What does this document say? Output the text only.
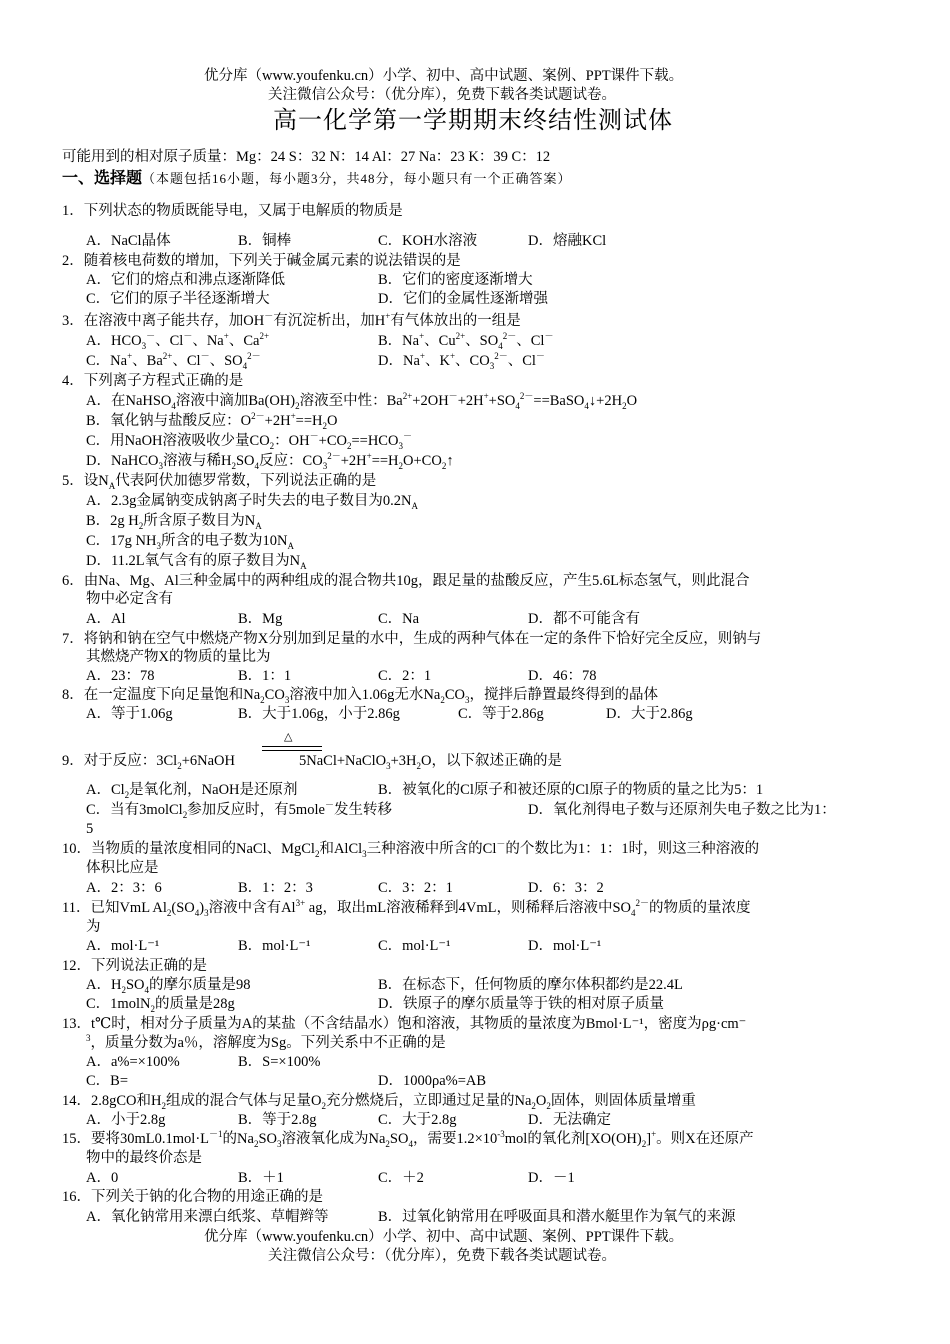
优分库（www.youfenku.cn）小学、初中、高中试题、案例、PPT课件下载。
关注微信公众号：（优分库），免费下载各类试题试卷。
高一化学第一学期期末终结性测试体
可能用到的相对原子质量：Mg：24 S：32 N：14 Al：27 Na：23 K：39 C：12
一、选择题（本题包括16小题，每小题3分，共48分，每小题只有一个正确答案）
1．下列状态的物质既能导电，又属于电解质的物质是
A．NaCl晶体	B．铜棒	C．KOH水溶液	D．熔融KCl
2．随着核电荷数的增加，下列关于碱金属元素的说法错误的是
A．它们的熔点和沸点逐渐降低	B．它们的密度逐渐增大
C．它们的原子半径逐渐增大	D．它们的金属性逐渐增强
3．在溶液中离子能共存，加OH－有沉淀析出，加H+有气体放出的一组是
A．$HCO_3^-$、Cl－、Na+、$Ca^{2+}$	B．Na+、$Cu^{2+}$、$SO_4^{2-}$、Cl－
C．Na+、$Ba^{2+}$、Cl－、$SO_4^{2-}$	D．Na+、K+、$CO_3^{2-}$、Cl－
4．下列离子方程式正确的是
A．在NaHSO$_4$溶液中滴加$Ba(OH)_2$溶液至中性：$Ba^{2+}+2OH^-+2H^++SO_4^{2-}==BaSO_4↓+2H_2O$
B．氧化钠与盐酸反应：$O^{2-}+2H^+==H_2O$
C．用NaOH溶液吸收少量$CO_2$：$OH^-+CO_2==HCO_3^-$
D．NaHCO$_3$溶液与稀$H_2SO_4$反应：$CO_3^{2-}+2H^+==H_2O+CO_2↑$
5．设$N_A$代表阿伏加德罗常数，下列说法正确的是
A．2.3g金属钠变成钠离子时失去的电子数目为$0.2N_A$
B．2g $H_2$所含原子数目为$N_A$
C．17g $NH_3$所含的电子数为$10N_A$
D．11.2L氧气含有的原子数目为$N_A$
6．由Na、Mg、Al三种金属中的两种组成的混合物共10g，跟足量的盐酸反应，产生5.6L标态氢气，则此混合
物中必定含有
A．Al	B．Mg	C．Na	D．都不可能含有
7．将钠和钠在空气中燃烧产物X分别加到足量的水中，生成的两种气体在一定的条件下恰好完全反应，则钠与
其燃烧产物X的物质的量比为
A．23：78	B．1：1	C．2：1	D．46：78
8．在一定温度下向足量饱和$Na_2CO_3$溶液中加入1.06g无水$Na_2CO_3$，搅拌后静置最终得到的晶体
A．等于1.06g	B．大于1.06g，小于2.86g	C．等于2.86g	D．大于2.86g
△
9．对于反应：$3Cl_2+6NaOH$	$5NaCl+NaClO_3+3H_2O$，以下叙述正确的是
A．$Cl_2$是氧化剂，NaOH是还原剂	B．被氧化的Cl原子和被还原的Cl原子的物质的量之比为5：1
C．当有3molCl$_2$参加反应时，有5mole－发生转移	D．氧化剂得电子数与还原剂失电子数之比为1：
5
10．当物质的量浓度相同的NaCl、MgCl$_2$和AlCl$_3$三种溶液中所含的Cl－的个数比为1：1：1时，则这三种溶液的
体积比应是
A．2：3：6	B．1：2：3	C．3：2：1	D．6：3：2
11．已知VmL $Al_2(SO_4)_3$溶液中含有$Al^{3+}$ ag，取出mL溶液稀释到4VmL，则稀释后溶液中$SO_4^{2-}$的物质的量浓度
为
A．mol·L⁻¹	B．mol·L⁻¹	C．mol·L⁻¹	D．mol·L⁻¹
12．下列说法正确的是
A．$H_2SO_4$的摩尔质量是98	B．在标态下，任何物质的摩尔体积都约是22.4L
C．1molN$_2$的质量是28g	D．铁原子的摩尔质量等于铁的相对原子质量
13．t℃时，相对分子质量为A的某盐（不含结晶水）饱和溶液，其物质的量浓度为Bmol·L⁻¹，密度为ρg·cm⁻
$^3$，质量分数为a％，溶解度为Sg。下列关系中不正确的是
A．a%=×100%	B．S=×100%
C．B=	D．1000ρa%=AB
14．2.8gCO和$H_2$组成的混合气体与足量$O_2$充分燃烧后，立即通过足量的$Na_2O_2$固体，则固体质量增重
A．小于2.8g	B．等于2.8g	C．大于2.8g	D．无法确定
15．要将$30mL0.1mol\cdot L^{-1}$的$Na_2SO_3$溶液氧化成为$Na_2SO_4$，需要$1.2\times 10^{-3}mol$的氧化剂$[XO(OH)_2]^+$。则X在还原产
物中的最终价态是
A．0	B．＋1	C．＋2	D．－1
16．下列关于钠的化合物的用途正确的是
A．氧化钠常用来漂白纸浆、草帽辫等	B．过氧化钠常用在呼吸面具和潜水艇里作为氧气的来源
优分库（www.youfenku.cn）小学、初中、高中试题、案例、PPT课件下载。
关注微信公众号：（优分库），免费下载各类试题试卷。
